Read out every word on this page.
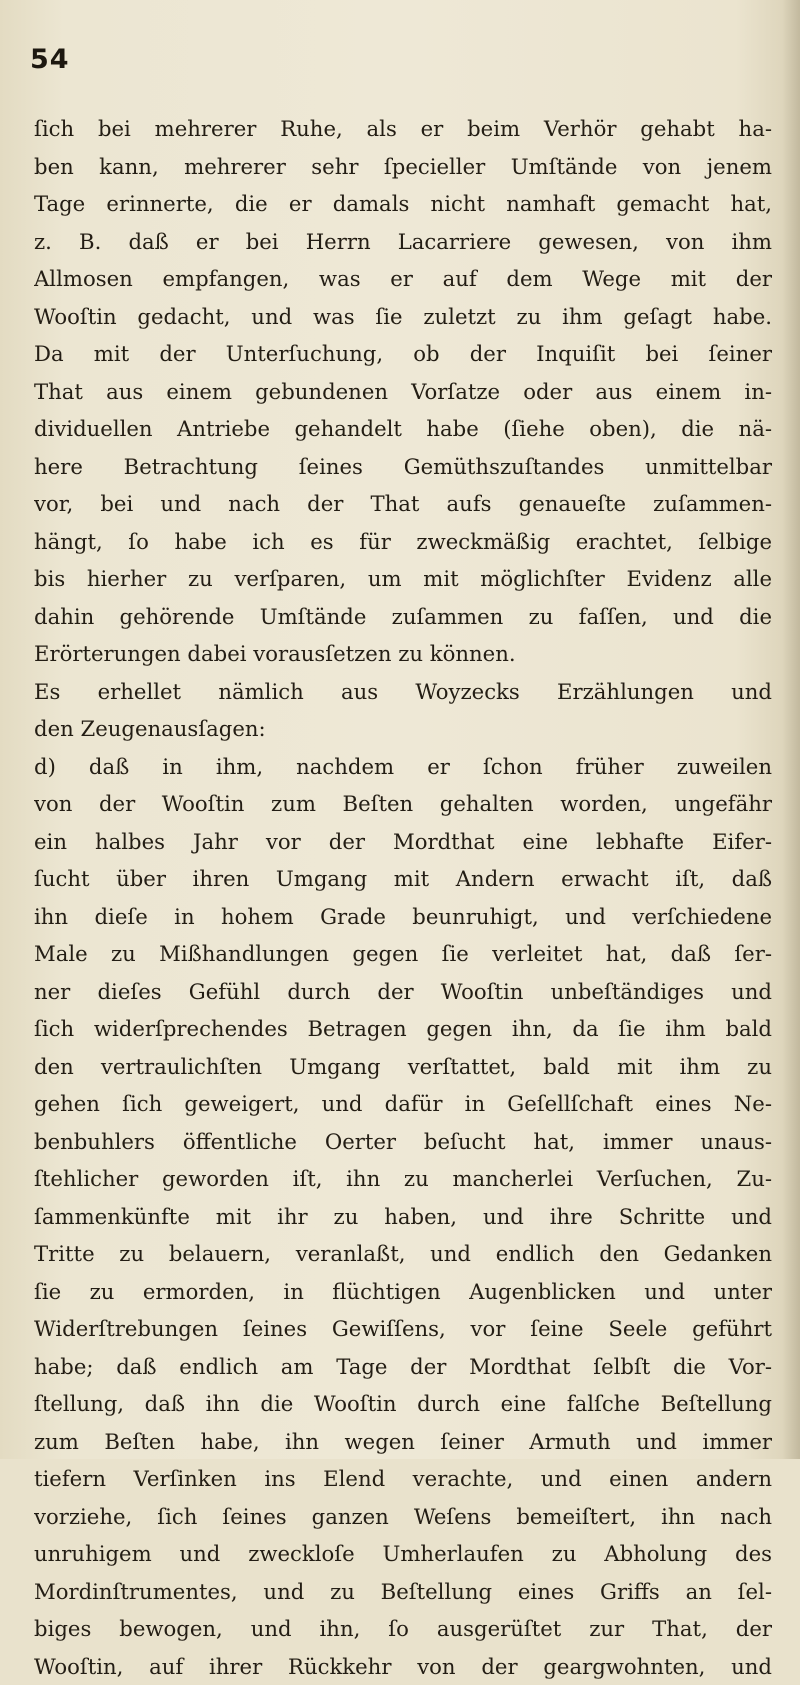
54
ſich bei mehrerer Ruhe, als er beim Verhör gehabt ha-
ben kann, mehrerer sehr ſpecieller Umſtände von jenem
Tage erinnerte, die er damals nicht namhaft gemacht hat,
z. B. daß er bei Herrn Lacarriere gewesen, von ihm
Allmosen empfangen, was er auf dem Wege mit der
Wooſtin gedacht, und was ſie zuletzt zu ihm geſagt habe.
Da mit der Unterſuchung, ob der Inquiſit bei ſeiner
That aus einem gebundenen Vorſatze oder aus einem in-
dividuellen Antriebe gehandelt habe (ſiehe oben), die nä-
here Betrachtung ſeines Gemüthszuſtandes unmittelbar
vor, bei und nach der That aufs genaueſte zuſammen-
hängt, ſo habe ich es für zweckmäßig erachtet, ſelbige
bis hierher zu verſparen, um mit möglichſter Evidenz alle
dahin gehörende Umſtände zuſammen zu faſſen, und die
Erörterungen dabei vorausſetzen zu können.
Es erhellet nämlich aus Woyzecks Erzählungen und
den Zeugenausſagen:
d) daß in ihm, nachdem er ſchon früher zuweilen
von der Wooſtin zum Beſten gehalten worden, ungefähr
ein halbes Jahr vor der Mordthat eine lebhafte Eifer-
ſucht über ihren Umgang mit Andern erwacht iſt, daß
ihn dieſe in hohem Grade beunruhigt, und verſchiedene
Male zu Mißhandlungen gegen ſie verleitet hat, daß ſer-
ner dieſes Gefühl durch der Wooſtin unbeſtändiges und
ſich widerſprechendes Betragen gegen ihn, da ſie ihm bald
den vertraulichſten Umgang verſtattet, bald mit ihm zu
gehen ſich geweigert, und dafür in Geſellſchaft eines Ne-
benbuhlers öffentliche Oerter beſucht hat, immer unaus-
ſtehlicher geworden iſt, ihn zu mancherlei Verſuchen, Zu-
ſammenkünfte mit ihr zu haben, und ihre Schritte und
Tritte zu belauern, veranlaßt, und endlich den Gedanken
ſie zu ermorden, in flüchtigen Augenblicken und unter
Widerſtrebungen ſeines Gewiſſens, vor ſeine Seele geführt
habe; daß endlich am Tage der Mordthat ſelbſt die Vor-
ſtellung, daß ihn die Wooſtin durch eine falſche Beſtellung
zum Beſten habe, ihn wegen ſeiner Armuth und immer
tiefern Verſinken ins Elend verachte, und einen andern
vorziehe, ſich ſeines ganzen Weſens bemeiſtert, ihn nach
unruhigem und zweckloſe Umherlaufen zu Abholung des
Mordinſtrumentes, und zu Beſtellung eines Griffs an ſel-
biges bewogen, und ihn, ſo ausgerüſtet zur That, der
Wooſtin, auf ihrer Rückkehr von der geargwohnten, und
